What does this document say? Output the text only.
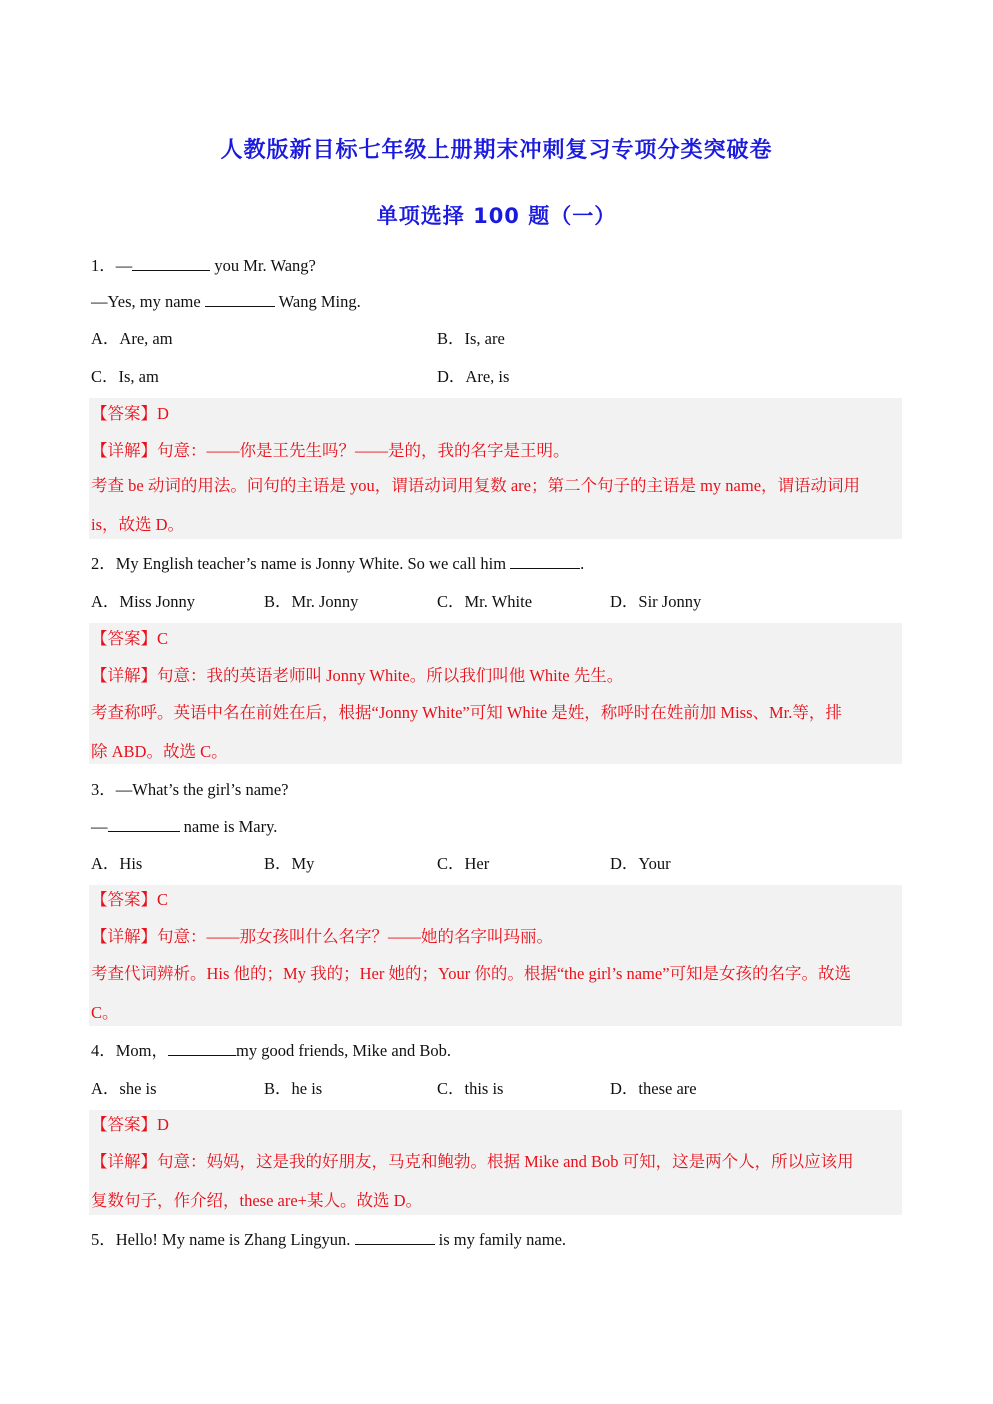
人教版新目标七年级上册期末冲刺复习专项分类突破卷
单项选择 100 题（一）
1．—	you Mr. Wang?
—Yes, my name	Wang Ming.
A．Are, am	B．Is, are
C．Is, am	D．Are, is
【答案】D
【详解】句意：——你是王先生吗？——是的，我的名字是王明。
考查 be 动词的用法。问句的主语是 you，谓语动词用复数 are；第二个句子的主语是 my name，谓语动词用
is，故选 D。
2．My English teacher’s name is Jonny White. So we call him	.
A．Miss Jonny	B．Mr. Jonny	C．Mr. White	D．Sir Jonny
【答案】C
【详解】句意：我的英语老师叫 Jonny White。所以我们叫他 White 先生。
考查称呼。英语中名在前姓在后，根据“Jonny White”可知 White 是姓，称呼时在姓前加 Miss、Mr.等，排
除 ABD。故选 C。
3．—What’s the girl’s name?
—	name is Mary.
A．His	B．My	C．Her	D．Your
【答案】C
【详解】句意：——那女孩叫什么名字？——她的名字叫玛丽。
考查代词辨析。His 他的；My 我的；Her 她的；Your 你的。根据“the girl’s name”可知是女孩的名字。故选
C。
4．Mom，	my good friends, Mike and Bob.
A．she is	B．he is	C．this is	D．these are
【答案】D
【详解】句意：妈妈，这是我的好朋友，马克和鲍勃。根据 Mike and Bob 可知，这是两个人，所以应该用
复数句子，作介绍，these are+某人。故选 D。
5．Hello! My name is Zhang Lingyun.	is my family name.
